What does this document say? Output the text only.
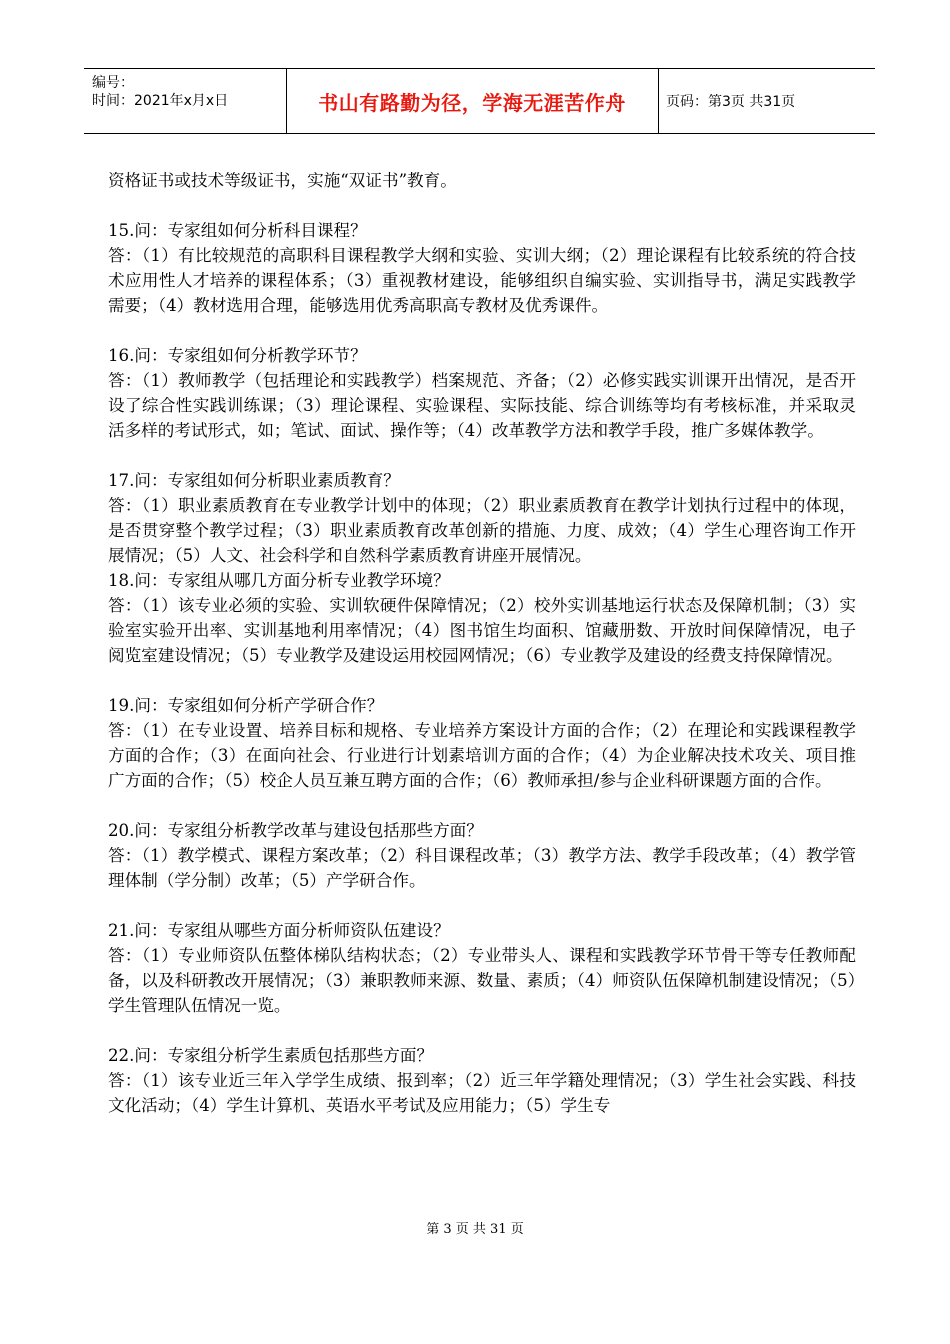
编号：
时间：2021年x月x日	书山有路勤为径，学海无涯苦作舟	页码：第3页 共31页

资格证书或技术等级证书，实施“双证书”教育。

15.问：专家组如何分析科目课程？

答：（1）有比较规范的高职科目课程教学大纲和实验、实训大纲；（2）理论课程有比较系统的符合技术应用性人才培养的课程体系；（3）重视教材建设，能够组织自编实验、实训指导书，满足实践教学需要；（4）教材选用合理，能够选用优秀高职高专教材及优秀课件。

16.问：专家组如何分析教学环节？

答：（1）教师教学（包括理论和实践教学）档案规范、齐备；（2）必修实践实训课开出情况，是否开设了综合性实践训练课；（3）理论课程、实验课程、实际技能、综合训练等均有考核标准，并采取灵活多样的考试形式，如；笔试、面试、操作等；（4）改革教学方法和教学手段，推广多媒体教学。

17.问：专家组如何分析职业素质教育？

答：（1）职业素质教育在专业教学计划中的体现；（2）职业素质教育在教学计划执行过程中的体现，是否贯穿整个教学过程；（3）职业素质教育改革创新的措施、力度、成效；（4）学生心理咨询工作开展情况；（5）人文、社会科学和自然科学素质教育讲座开展情况。

18.问：专家组从哪几方面分析专业教学环境？

答：（1）该专业必须的实验、实训软硬件保障情况；（2）校外实训基地运行状态及保障机制；（3）实验室实验开出率、实训基地利用率情况；（4）图书馆生均面积、馆藏册数、开放时间保障情况，电子阅览室建设情况；（5）专业教学及建设运用校园网情况；（6）专业教学及建设的经费支持保障情况。

19.问：专家组如何分析产学研合作？

答：（1）在专业设置、培养目标和规格、专业培养方案设计方面的合作；（2）在理论和实践课程教学方面的合作；（3）在面向社会、行业进行计划素培训方面的合作；（4）为企业解决技术攻关、项目推广方面的合作；（5）校企人员互兼互聘方面的合作；（6）教师承担/参与企业科研课题方面的合作。

20.问：专家组分析教学改革与建设包括那些方面？

答：（1）教学模式、课程方案改革；（2）科目课程改革；（3）教学方法、教学手段改革；（4）教学管理体制（学分制）改革；（5）产学研合作。

21.问：专家组从哪些方面分析师资队伍建设？

答：（1）专业师资队伍整体梯队结构状态；（2）专业带头人、课程和实践教学环节骨干等专任教师配备，以及科研教改开展情况；（3）兼职教师来源、数量、素质；（4）师资队伍保障机制建设情况；（5）学生管理队伍情况一览。

22.问：专家组分析学生素质包括那些方面？

答：（1）该专业近三年入学学生成绩、报到率；（2）近三年学籍处理情况；（3）学生社会实践、科技文化活动；（4）学生计算机、英语水平考试及应用能力；（5）学生专

第 3 页 共 31 页
